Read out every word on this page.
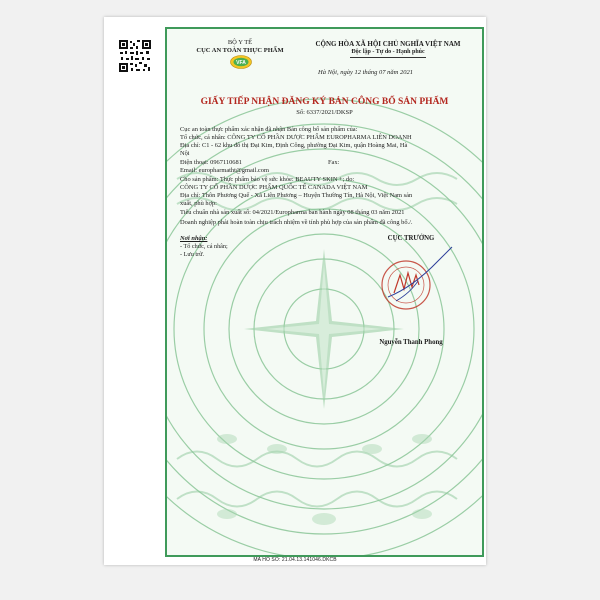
BỘ Y TẾ
CỤC AN TOÀN THỰC PHẨM
VFA
CỘNG HÒA XÃ HỘI CHỦ NGHĨA VIỆT NAM
Độc lập - Tự do - Hạnh phúc
Hà Nội, ngày 12 tháng 07 năm 2021
GIẤY TIẾP NHẬN ĐĂNG KÝ BẢN CÔNG BỐ SẢN PHẨM
Số: 6337/2021/DKSP
Cục an toàn thực phẩm xác nhận đã nhận Bản công bố sản phẩm của:
Tổ chức, cá nhân: CÔNG TY CỔ PHẦN DƯỢC PHẨM EUROPHARMA LIÊN DOANH
Địa chỉ: C1 - 62 khu đô thị Đại Kim, Định Công, phường Đại Kim, quận Hoàng Mai, Hà
Nội
Điện thoại: 0967110681	Fax:
Email: europharmatht@gmail.com
Cho sản phẩm: Thực phẩm bảo vệ sức khỏe: BEAUTY SKIN +; do:
CÔNG TY CỔ PHẦN DƯỢC PHẨM QUỐC TẾ CANADA VIỆT NAM
Địa chỉ: Thôn Phương Quế - Xã Liên Phương – Huyện Thường Tín, Hà Nội, Việt Nam sản
xuất, phù hợp:
Tiêu chuẩn nhà sản xuất số: 04/2021/Europharma ban hành ngày 08 tháng 03 năm 2021
Doanh nghiệp phải hoàn toàn chịu trách nhiệm về tính phù hợp của sản phẩm đã công bố./.
Nơi nhận:
- Tổ chức, cá nhân;
- Lưu trữ.
CỤC TRƯỞNG
Nguyễn Thanh Phong
MA HO SO: 21.04.13.141046.DKCB
